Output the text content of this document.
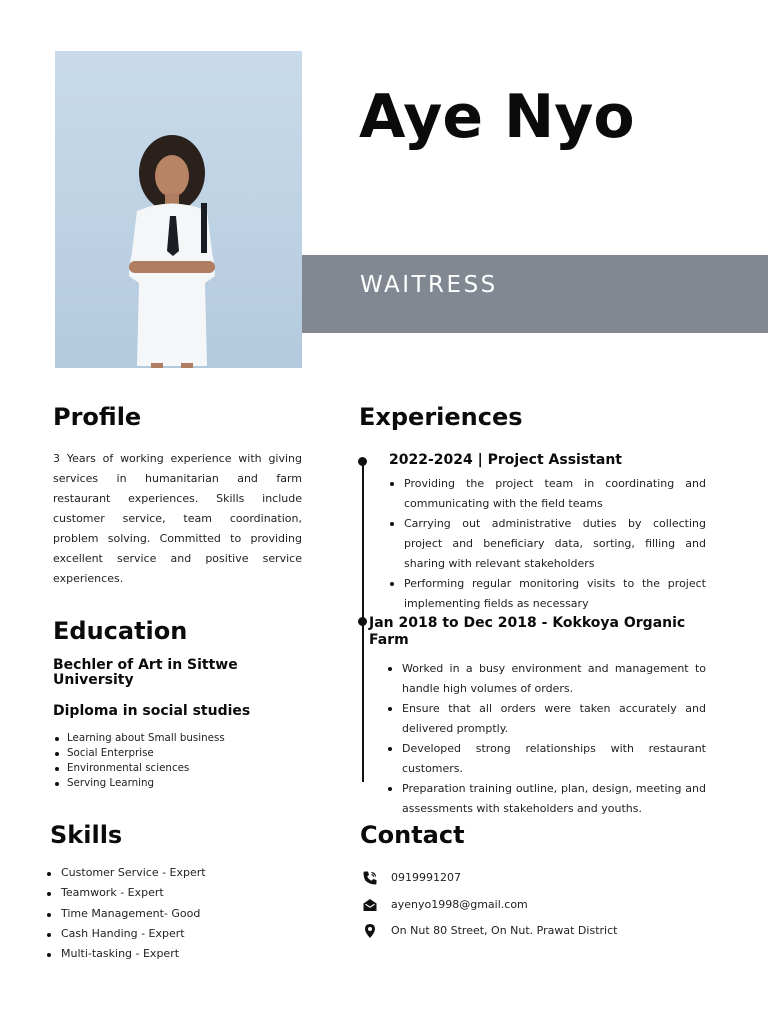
Aye Nyo
WAITRESS
Profile
3 Years of working experience with giving services in humanitarian and farm restaurant experiences. Skills include customer service, team coordination, problem solving. Committed to providing excellent service and positive service experiences.
Education
Bechler of Art in Sittwe University
Diploma in social studies
Learning about Small business
Social Enterprise
Environmental sciences
Serving Learning
Skills
Customer Service - Expert
Teamwork - Expert
Time Management- Good
Cash Handing - Expert
Multi-tasking - Expert
Experiences
2022-2024 | Project Assistant
Providing the project team in coordinating and communicating with the field teams
Carrying out administrative duties by collecting project and beneficiary data, sorting, filling and sharing with relevant stakeholders
Performing regular monitoring visits to the project implementing fields as necessary
Jan 2018 to Dec 2018 - Kokkoya Organic Farm
Worked in a busy environment and management to handle high volumes of orders.
Ensure that all orders were taken accurately and delivered promptly.
Developed strong relationships with restaurant customers.
Preparation training outline, plan, design, meeting and assessments with stakeholders and youths.
Contact
0919991207
ayenyo1998@gmail.com
On Nut 80 Street, On Nut. Prawat District
